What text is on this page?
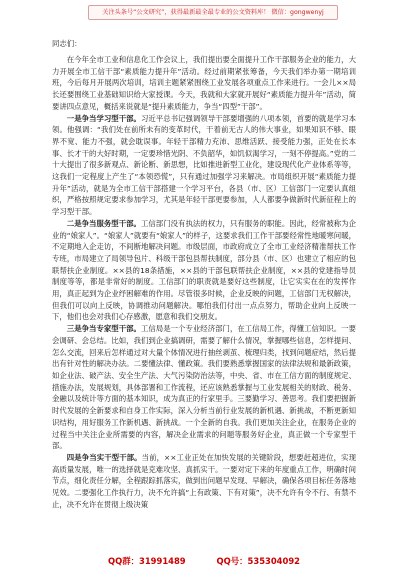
关注头条号“公文研究”，获得最新最全最专业的公文资料库！ 微信：gongwenyj

同志们：

在今年全市工业和信息化工作会议上，我们提出要全面提升工作干部服务企业的能力，大力开展全市工信干部“素质能力提升年”活动。经过前期紧张筹备，今天我们举办第一期培训班，今后每月开展两次培训，培训主题紧紧围绕工业发展各项重点工作来进行。一会儿××局长还要围绕工业基础知识给大家授课。今天，我就和大家就开展好“素质能力提升年”活动，简要讲四点意见，概括来说就是“提升素质能力，争当“四型”干部”。

一是争当学习型干部。习近平总书记强调领导干部要增强的八项本领，首要的就是学习本领。他强调：“我们处在前所未有的变革时代，干着前无古人的伟大事业，如果知识不够、眼界不宽、能力不强，就会耽误事。年轻干部精力充沛、思维活跃、接受能力强，正处在长本事、长才干的大好时期，一定要珍惜光阴、不负韶华，如饥似渴学习，一刻不停提高。”党的二十大提出了很多新观点、新论断、新思想，比如推进新型工业化，建设现代化产业体系等等，这我们一定程度上产生了“本领恐慌”，只有通过加强学习来解决。市局组织开展“素质能力提升年”活动，就是为全市工信干部搭建一个学习平台，各县（市、区）工信部门一定要认真组织，严格按照规定要求参加学习，尤其是年轻干部更要参加，人人都要争做新时代新征程上的学习型干部。

二是争当服务型干部。工信部门没有执法的权力，只有服务的职能。因此，经常被称为企业的“娘家人”。“娘家人”就要有“娘家人”的样子，这要求我们工作干部要经常性地暖寒问暖，不定期地入企走访，不间断地解决问题。市级层面，市政府成立了全市工业经济精准帮扶工作专班，市局建立了局领导包片、科级干部包县帮扶制度，部分县（市、区）也建立了相应的包联帮扶企业制度。××县的18条措施，××县的干部包联帮扶企业制度，××县的党建指导员制度等等，都是非常好的制度。工信部门的职责就是要好这些制度，让它实实在在的发挥作用，真正起到为企业纾困解难的作用。尽管很多时候，企业反映的问题，工信部门无权解决，但我们可以向上反映，协调推动问题解决。哪怕我们付出一点点努力，帮助企业向上反映一下，他们也会对我们心存感激，愿意和我们交朋友。

三是争当专家型干部。工信局是一个专业经济部门，在工信局工作，得懂工信知识。一要会调研、会总结。比如，我们到企业搞调研，需要了解什么情况，掌握哪些信息，怎样提问、怎么交流，回来后怎样通过对大量个体情况进行抽丝剥茧、梳理归类，找到问题症结，然后提出有针对性的解决办法。二要懂法律、懂政策。我们要熟悉掌握国家的法律法规和最新政策，如企业法、破产法、安全生产法、大气污染防治法等，中央、省、市在工信方面的制度规定、措施办法，发展规划，具体部署和工作流程，还应该熟悉掌握与工业发展相关的财政、税务、金融以及统计等方面的基本知识，成为真正的行家里手。三要勤学习、善思考。我们要把握新时代发展的全新要求和自身工作实际，深入分析当前行业发展的新机遇、新挑战，不断更新知识结构，用好服务工作新机遇、新挑战。一个全新的自我。我们更加关注企业，在服务企业的过程当中关注企业所需要的内容，解决企业需求的问题等服务好企业，真正做一个专家型干部。

四是争当实干型干部。当前，××工业正处在加快发展的关键阶段，想要赶超进位，实现高质量发展，唯一的选择就是克难攻坚、真抓实干。一要对定下来的年度重点工作，明确时间节点，细化责任分解，全程跟踪抓落实，做到出问题早发现、早解决，确保各项目标任务落地见效。二要强化工作执行力，决不允许搞“上有政策、下有对策”，决不允许有令不行、有禁不止，决不允许在贯彻上级决策

QQ群：31991489	QQ号：535304092
